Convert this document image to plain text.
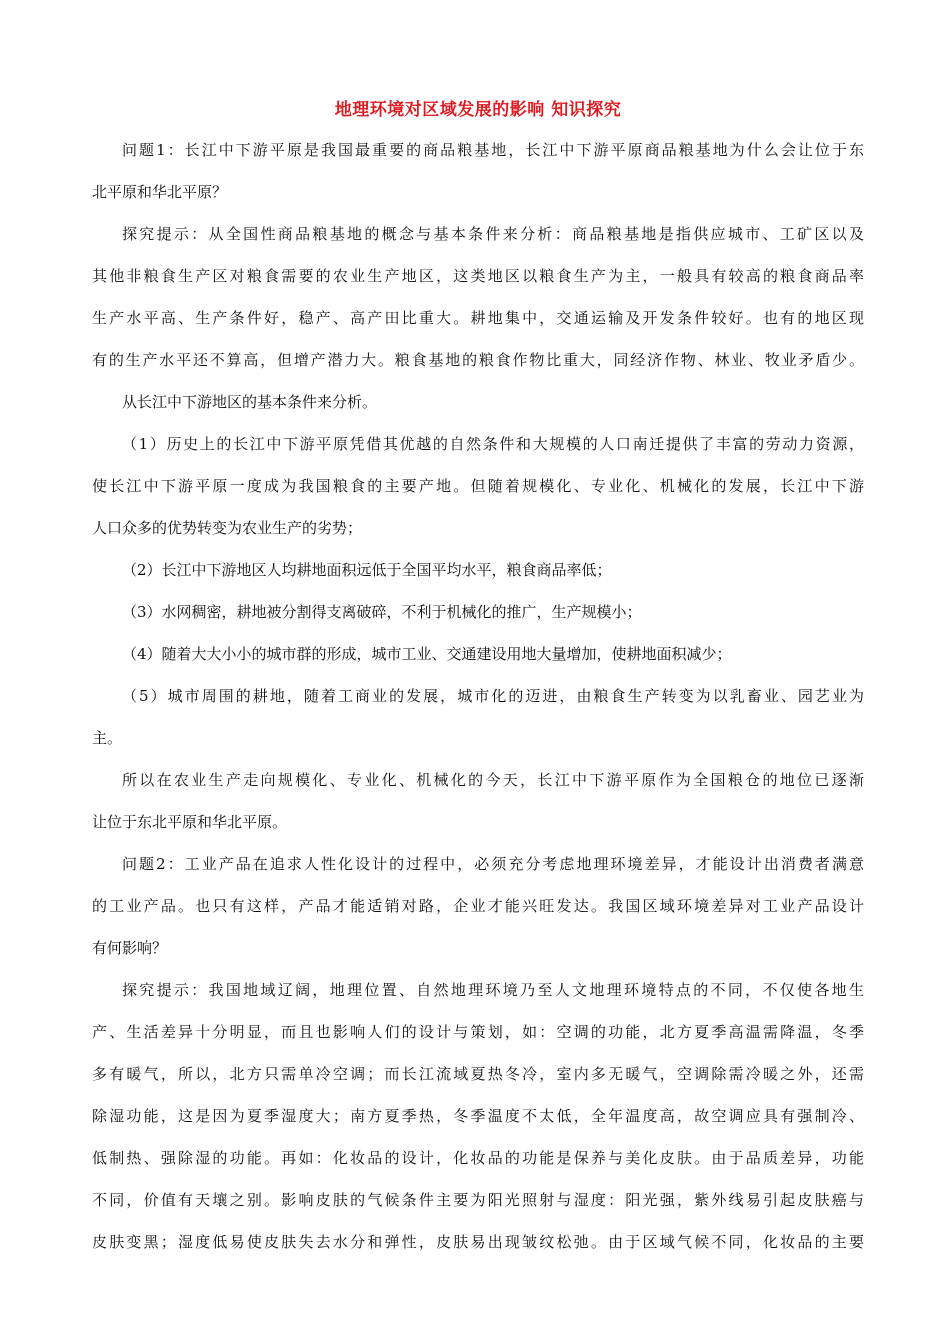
地理环境对区域发展的影响 知识探究

问题1：长江中下游平原是我国最重要的商品粮基地，长江中下游平原商品粮基地为什么会让位于东
北平原和华北平原？

探究提示：从全国性商品粮基地的概念与基本条件来分析：商品粮基地是指供应城市、工矿区以及
其他非粮食生产区对粮食需要的农业生产地区，这类地区以粮食生产为主，一般具有较高的粮食商品率
生产水平高、生产条件好，稳产、高产田比重大。耕地集中，交通运输及开发条件较好。也有的地区现
有的生产水平还不算高，但增产潜力大。粮食基地的粮食作物比重大，同经济作物、林业、牧业矛盾少。

从长江中下游地区的基本条件来分析。

（1）历史上的长江中下游平原凭借其优越的自然条件和大规模的人口南迁提供了丰富的劳动力资源，
使长江中下游平原一度成为我国粮食的主要产地。但随着规模化、专业化、机械化的发展，长江中下游
人口众多的优势转变为农业生产的劣势；

（2）长江中下游地区人均耕地面积远低于全国平均水平，粮食商品率低；

（3）水网稠密，耕地被分割得支离破碎，不利于机械化的推广，生产规模小；

（4）随着大大小小的城市群的形成，城市工业、交通建设用地大量增加，使耕地面积减少；

（5）城市周围的耕地，随着工商业的发展，城市化的迈进，由粮食生产转变为以乳畜业、园艺业为
主。

所以在农业生产走向规模化、专业化、机械化的今天，长江中下游平原作为全国粮仓的地位已逐渐
让位于东北平原和华北平原。

问题2：工业产品在追求人性化设计的过程中，必须充分考虑地理环境差异，才能设计出消费者满意
的工业产品。也只有这样，产品才能适销对路，企业才能兴旺发达。我国区域环境差异对工业产品设计
有何影响？

探究提示：我国地域辽阔，地理位置、自然地理环境乃至人文地理环境特点的不同，不仅使各地生
产、生活差异十分明显，而且也影响人们的设计与策划，如：空调的功能，北方夏季高温需降温，冬季
多有暖气，所以，北方只需单冷空调；而长江流域夏热冬冷，室内多无暖气，空调除需冷暖之外，还需
除湿功能，这是因为夏季湿度大；南方夏季热，冬季温度不太低，全年温度高，故空调应具有强制冷、
低制热、强除湿的功能。再如：化妆品的设计，化妆品的功能是保养与美化皮肤。由于品质差异，功能
不同，价值有天壤之别。影响皮肤的气候条件主要为阳光照射与湿度：阳光强，紫外线易引起皮肤癌与
皮肤变黑；湿度低易使皮肤失去水分和弹性，皮肤易出现皱纹松弛。由于区域气候不同，化妆品的主要
